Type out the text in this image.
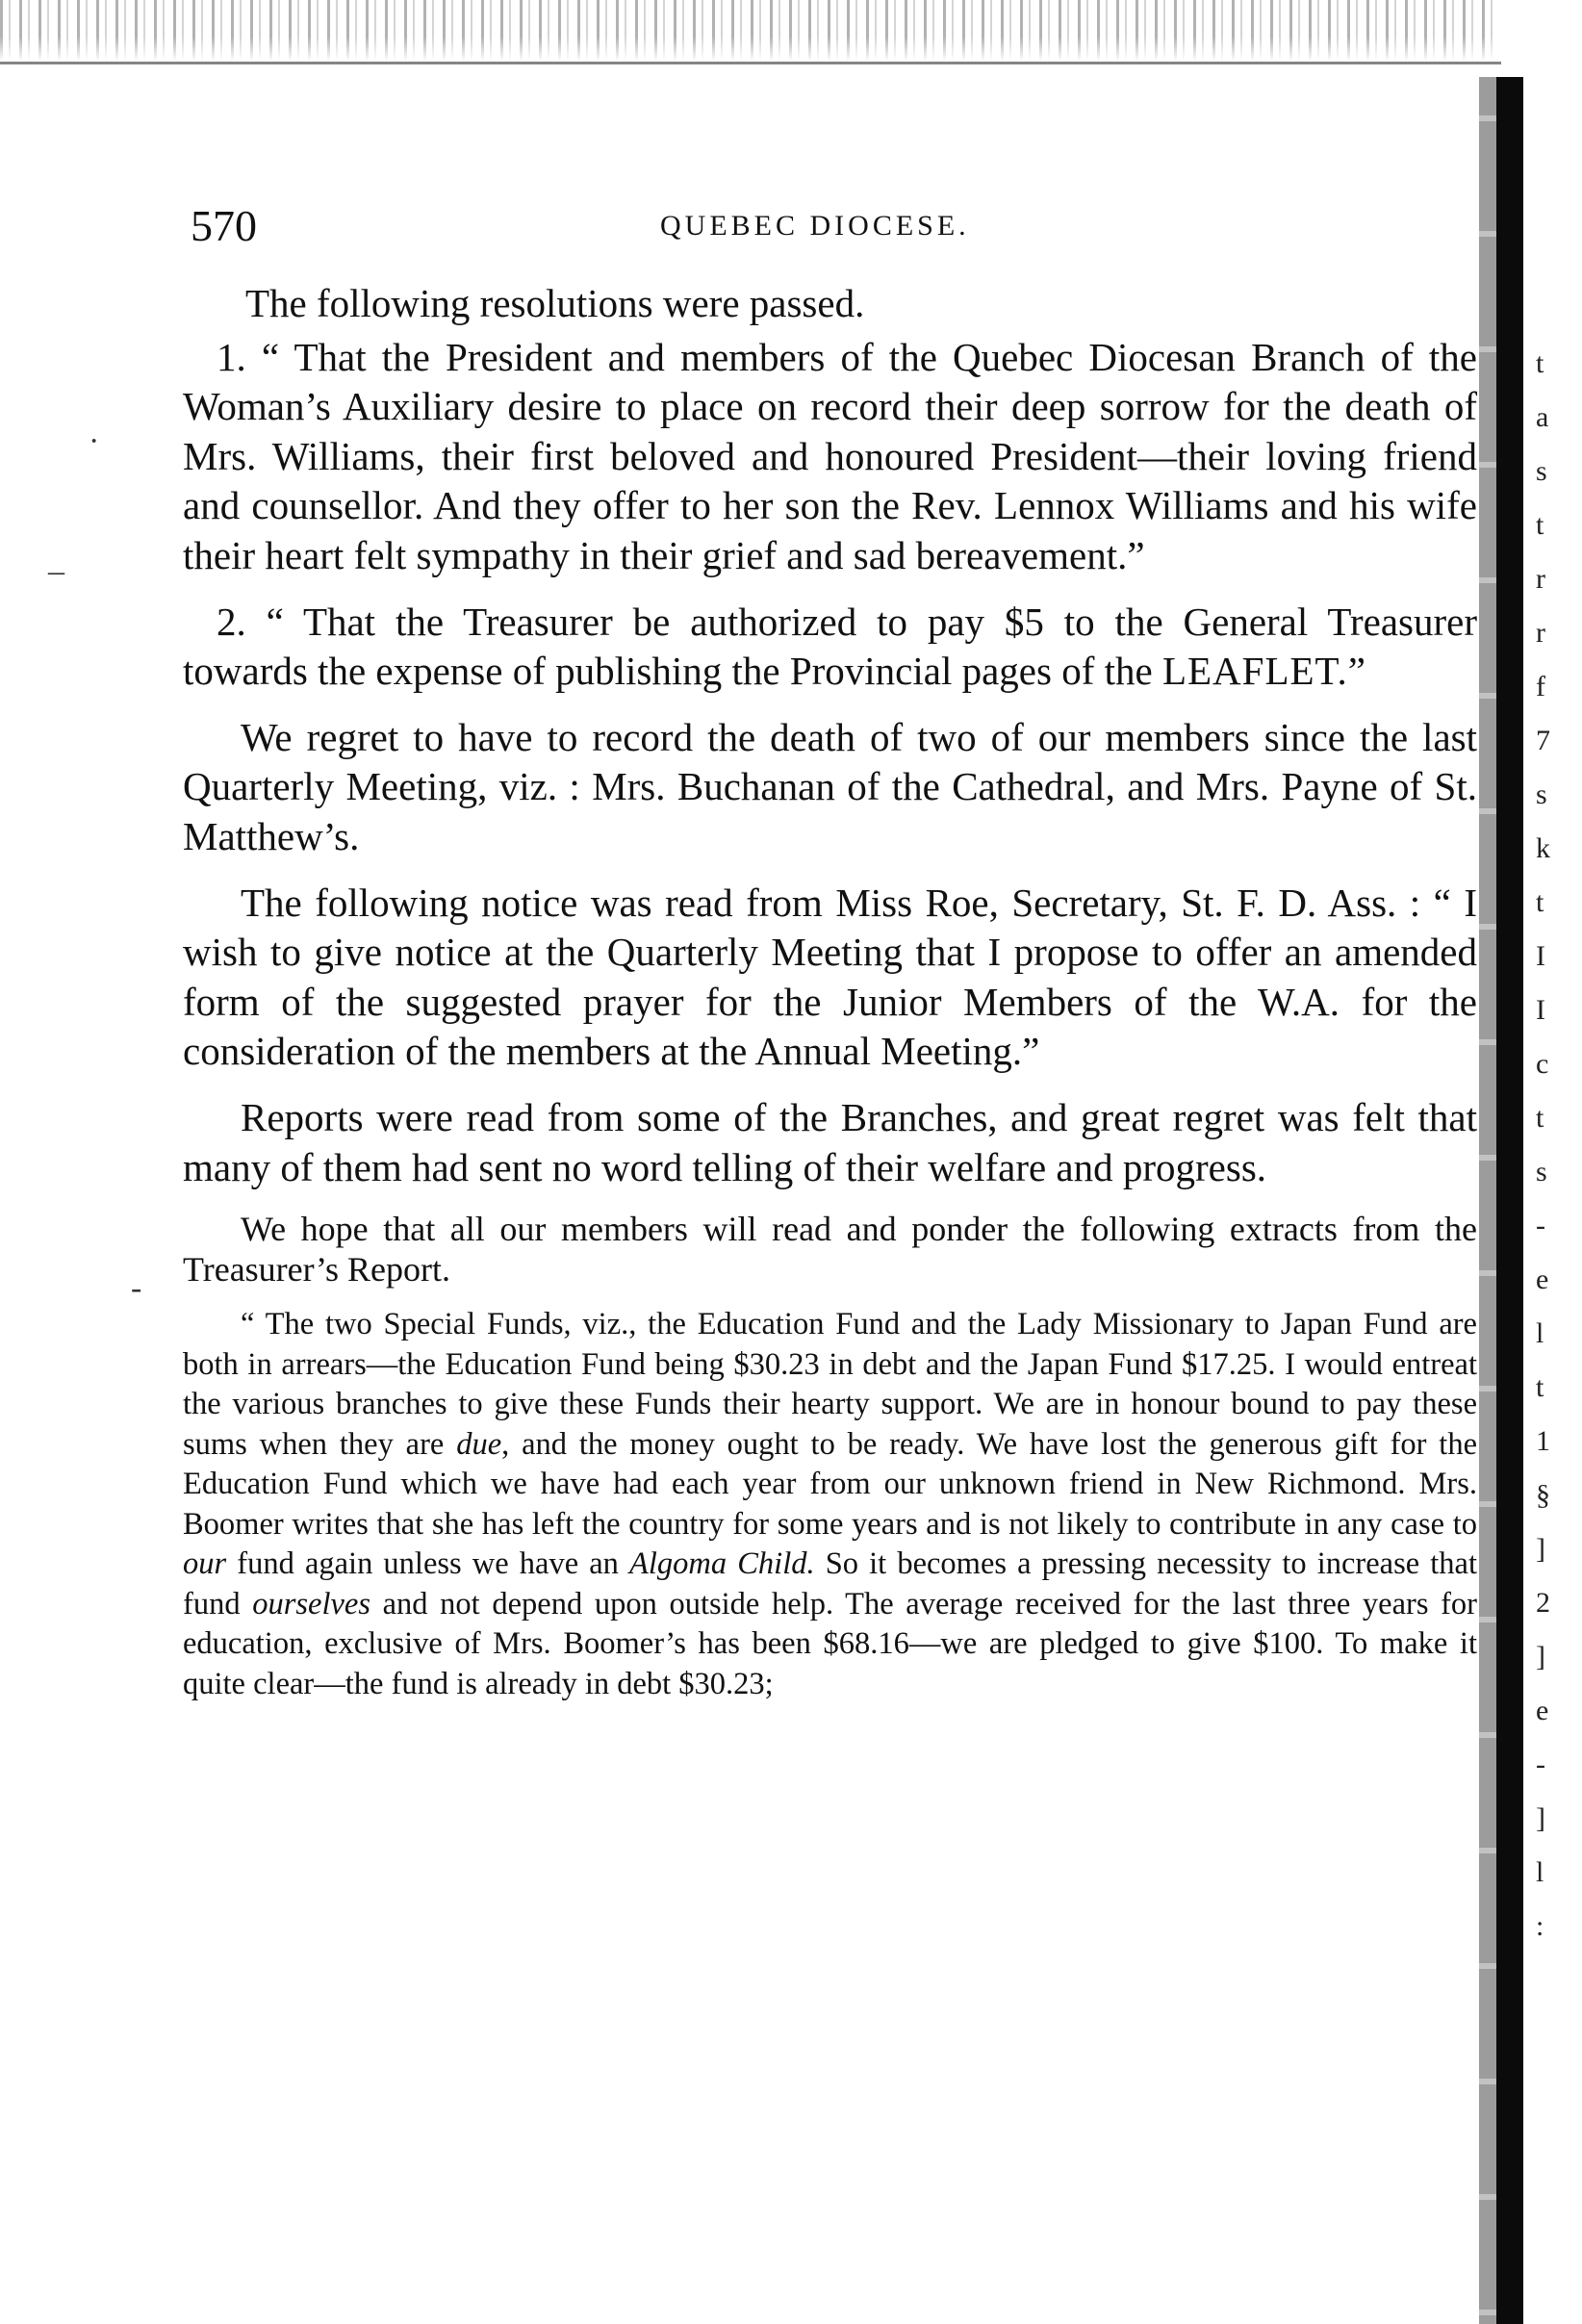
570	QUEBEC DIOCESE.

The following resolutions were passed.

1. “ That the President and members of the Quebec Diocesan Branch of the Woman’s Auxiliary desire to place on record their deep sorrow for the death of Mrs. Williams, their first beloved and honoured President—their loving friend and counsellor. And they offer to her son the Rev. Lennox Williams and his wife their heart felt sympathy in their grief and sad bereavement.”

2. “ That the Treasurer be authorized to pay $5 to the General Treasurer towards the expense of publishing the Provincial pages of the LEAFLET.”

We regret to have to record the death of two of our members since the last Quarterly Meeting, viz. : Mrs. Buchanan of the Cathedral, and Mrs. Payne of St. Matthew’s.

The following notice was read from Miss Roe, Secretary, St. F. D. Ass. : “ I wish to give notice at the Quarterly Meeting that I propose to offer an amended form of the suggested prayer for the Junior Members of the W.A. for the consideration of the members at the Annual Meeting.”

Reports were read from some of the Branches, and great regret was felt that many of them had sent no word telling of their welfare and progress.

We hope that all our members will read and ponder the following extracts from the Treasurer’s Report.

“ The two Special Funds, viz., the Education Fund and the Lady Missionary to Japan Fund are both in arrears—the Education Fund being $30.23 in debt and the Japan Fund $17.25. I would entreat the various branches to give these Funds their hearty support. We are in honour bound to pay these sums when they are due, and the money ought to be ready. We have lost the generous gift for the Education Fund which we have had each year from our unknown friend in New Richmond. Mrs. Boomer writes that she has left the country for some years and is not likely to contribute in any case to our fund again unless we have an Algoma Child. So it becomes a pressing necessity to increase that fund ourselves and not depend upon outside help. The average received for the last three years for education, exclusive of Mrs. Boomer’s has been $68.16—we are pledged to give $100. To make it quite clear—the fund is already in debt $30.23;

t
a
s
t
r
r
f
7
s
k
t
I
I
c
t
s
-
e
l
t
1
§
]
2
]
e
-
]
l
:
·
–
-
